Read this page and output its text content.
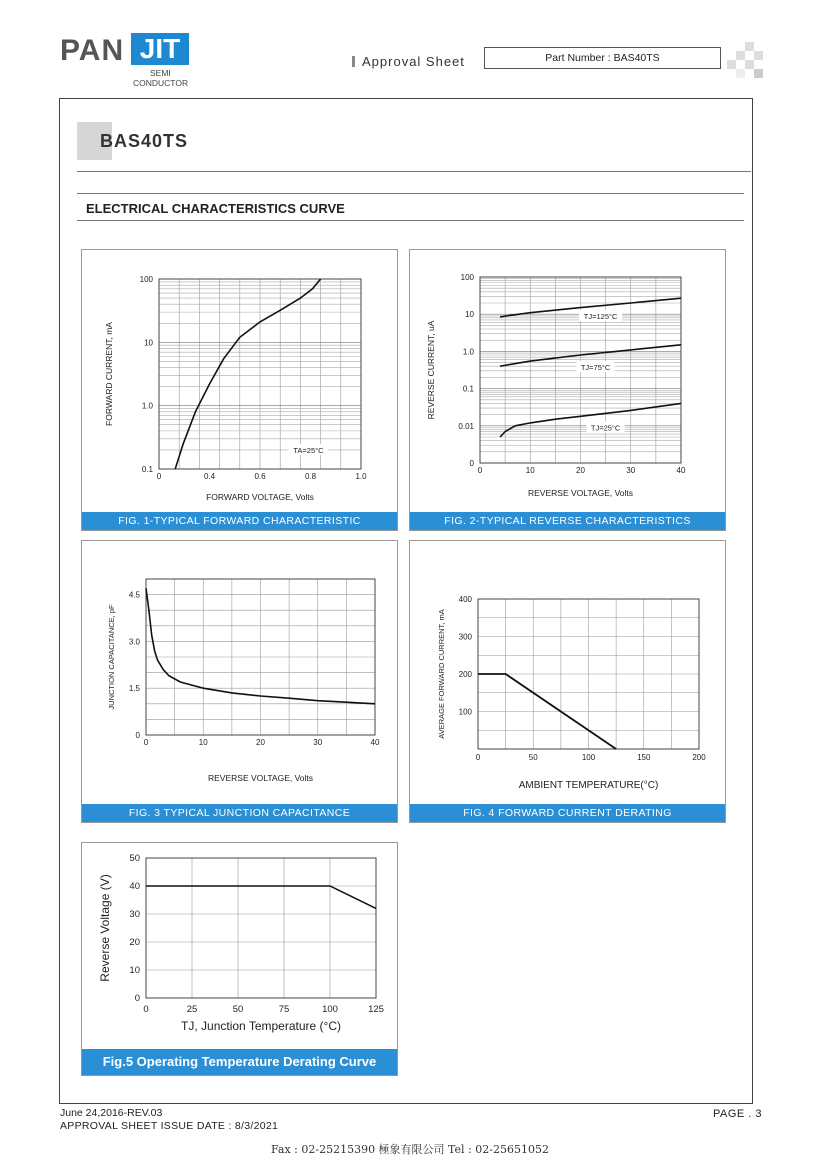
PAN JIT
SEMI
CONDUCTOR
Approval Sheet	Part Number : BAS40TS
BAS40TS
ELECTRICAL CHARACTERISTICS CURVE
0	0.4	0.6	0.8	1.0
100
10
1.0
0.1
FORWARD VOLTAGE, Volts
FORWARD CURRENT, mA
TA=25°C
FIG. 1-TYPICAL FORWARD CHARACTERISTIC
0	10	20	30	40
100
10
1.0
0.1
0.01
0
REVERSE VOLTAGE, Volts
REVERSE CURRENT, uA
TJ=125°C
TJ=75°C
TJ=25°C
FIG. 2-TYPICAL REVERSE CHARACTERISTICS
0	10	20	30	40
4.5
3.0
1.5
0
REVERSE VOLTAGE, Volts
JUNCTION CAPACITANCE, pF
FIG. 3 TYPICAL JUNCTION CAPACITANCE
0	50	100	150	200
400
300
200
100
AMBIENT TEMPERATURE(°C)
AVERAGE FORWARD CURRENT, mA
FIG. 4 FORWARD CURRENT DERATING
0	25	50	75	100	125
50
40
30
20
10
0
TJ, Junction Temperature (°C)
Reverse Voltage (V)
Fig.5 Operating Temperature Derating Curve
June 24,2016-REV.03
APPROVAL SHEET ISSUE DATE : 8/3/2021
PAGE . 3
Fax : 02-25215390 極象有限公司 Tel : 02-25651052
